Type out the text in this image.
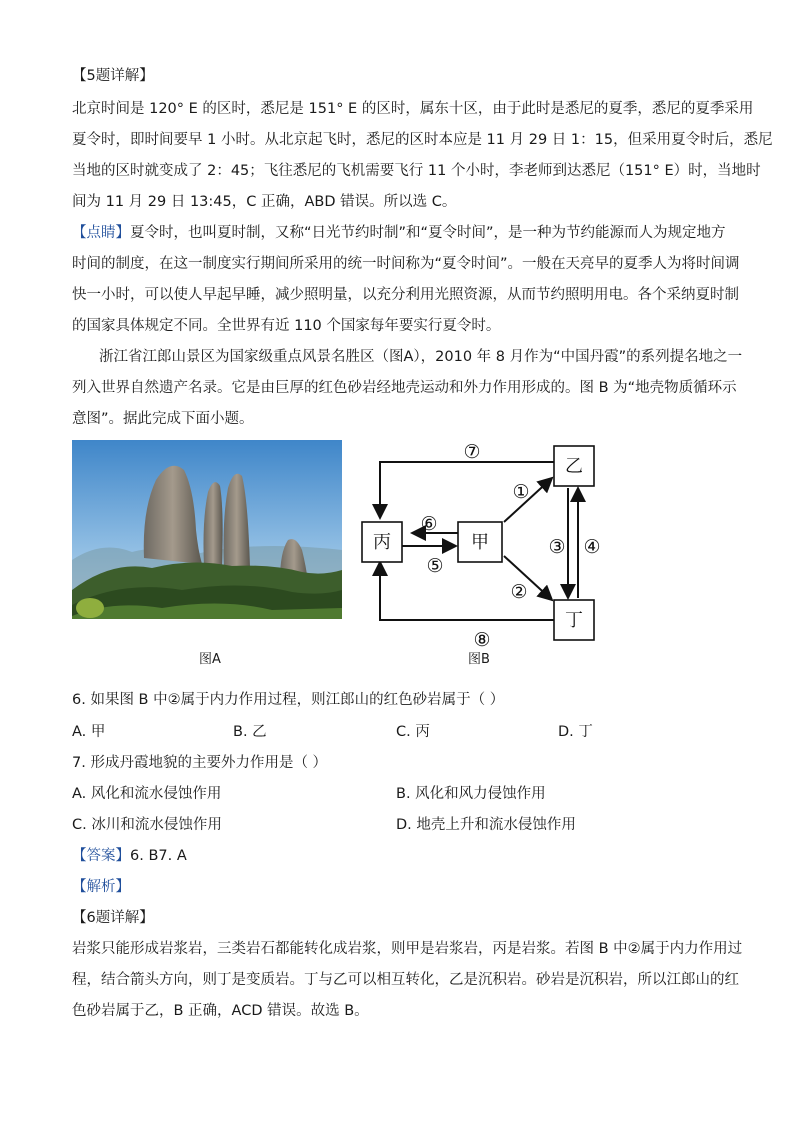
【5题详解】
北京时间是 120° E 的区时，悉尼是 151° E 的区时，属东十区，由于此时是悉尼的夏季，悉尼的夏季采用
夏令时，即时间要早 1 小时。从北京起飞时，悉尼的区时本应是 11 月 29 日 1：15，但采用夏令时后，悉尼
当地的区时就变成了 2：45；飞往悉尼的飞机需要飞行 11 个小时，李老师到达悉尼（151° E）时，当地时
间为 11 月 29 日 13:45，C 正确，ABD 错误。所以选 C。
【点睛】夏令时，也叫夏时制，又称“日光节约时制”和“夏令时间”，是一种为节约能源而人为规定地方
时间的制度，在这一制度实行期间所采用的统一时间称为“夏令时间”。一般在天亮早的夏季人为将时间调
快一小时，可以使人早起早睡，减少照明量，以充分利用光照资源，从而节约照明用电。各个采纳夏时制
的国家具体规定不同。全世界有近 110 个国家每年要实行夏令时。
浙江省江郎山景区为国家级重点风景名胜区（图A），2010 年 8 月作为“中国丹霞”的系列提名地之一
列入世界自然遗产名录。它是由巨厚的红色砂岩经地壳运动和外力作用形成的。图 B 为“地壳物质循环示
意图”。据此完成下面小题。
图A
丙	甲
乙
丁
①
②
③ ④
⑤
⑥
⑦
⑧
图B
6. 如果图 B 中②属于内力作用过程，则江郎山的红色砂岩属于（ ）
A. 甲	B. 乙	C. 丙	D. 丁
7. 形成丹霞地貌的主要外力作用是（ ）
A. 风化和流水侵蚀作用	B. 风化和风力侵蚀作用
C. 冰川和流水侵蚀作用	D. 地壳上升和流水侵蚀作用
【答案】6. B7. A
【解析】
【6题详解】
岩浆只能形成岩浆岩，三类岩石都能转化成岩浆，则甲是岩浆岩，丙是岩浆。若图 B 中②属于内力作用过
程，结合箭头方向，则丁是变质岩。丁与乙可以相互转化，乙是沉积岩。砂岩是沉积岩，所以江郎山的红
色砂岩属于乙，B 正确，ACD 错误。故选 B。
